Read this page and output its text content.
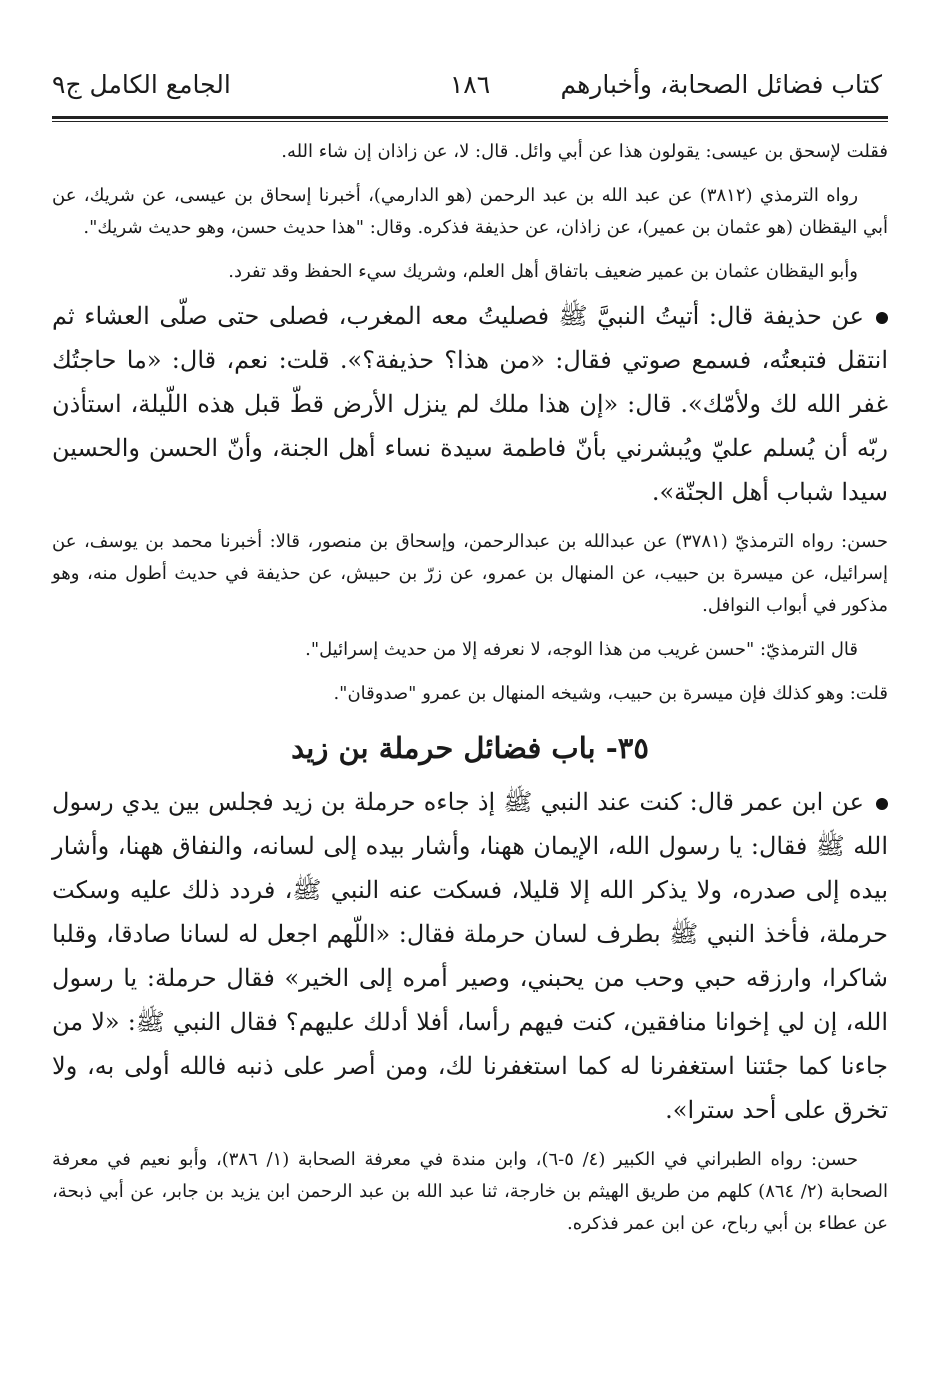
كتاب فضائل الصحابة، وأخبارهم
١٨٦
الجامع الكامل ج٩

فقلت لإسحق بن عيسى: يقولون هذا عن أبي وائل. قال: لا، عن زاذان إن شاء الله.

رواه الترمذي (٣٨١٢) عن عبد الله بن عبد الرحمن (هو الدارمي)، أخبرنا إسحاق بن عيسى، عن شريك، عن أبي اليقظان (هو عثمان بن عمير)، عن زاذان، عن حذيفة فذكره. وقال: "هذا حديث حسن، وهو حديث شريك".

وأبو اليقظان عثمان بن عمير ضعيف باتفاق أهل العلم، وشريك سيء الحفظ وقد تفرد.

عن حذيفة قال: أتيتُ النبيَّ ﷺ فصليتُ معه المغرب، فصلى حتى صلّى العشاء ثم انتقل فتبعتُه، فسمع صوتي فقال: «من هذا؟ حذيفة؟». قلت: نعم، قال: «ما حاجتُك غفر الله لك ولأمّك». قال: «إن هذا ملك لم ينزل الأرض قطّ قبل هذه اللّيلة، استأذن ربّه أن يُسلم عليّ ويُبشرني بأنّ فاطمة سيدة نساء أهل الجنة، وأنّ الحسن والحسين سيدا شباب أهل الجنّة».

حسن: رواه الترمذيّ (٣٧٨١) عن عبدالله بن عبدالرحمن، وإسحاق بن منصور، قالا: أخبرنا محمد بن يوسف، عن إسرائيل، عن ميسرة بن حبيب، عن المنهال بن عمرو، عن زرّ بن حبيش، عن حذيفة في حديث أطول منه، وهو مذكور في أبواب النوافل.

قال الترمذيّ: "حسن غريب من هذا الوجه، لا نعرفه إلا من حديث إسرائيل".

قلت: وهو كذلك فإن ميسرة بن حبيب، وشيخه المنهال بن عمرو "صدوقان".

٣٥- باب فضائل حرملة بن زيد

عن ابن عمر قال: كنت عند النبي ﷺ إذ جاءه حرملة بن زيد فجلس بين يدي رسول الله ﷺ فقال: يا رسول الله، الإيمان ههنا، وأشار بيده إلى لسانه، والنفاق ههنا، وأشار بيده إلى صدره، ولا يذكر الله إلا قليلا، فسكت عنه النبي ﷺ، فردد ذلك عليه وسكت حرملة، فأخذ النبي ﷺ بطرف لسان حرملة فقال: «اللّهم اجعل له لسانا صادقا، وقلبا شاكرا، وارزقه حبي وحب من يحبني، وصير أمره إلى الخير» فقال حرملة: يا رسول الله، إن لي إخوانا منافقين، كنت فيهم رأسا، أفلا أدلك عليهم؟ فقال النبي ﷺ: «لا من جاءنا كما جئتنا استغفرنا له كما استغفرنا لك، ومن أصر على ذنبه فالله أولى به، ولا تخرق على أحد سترا».

حسن: رواه الطبراني في الكبير (٤/ ٥-٦)، وابن مندة في معرفة الصحابة (١/ ٣٨٦)، وأبو نعيم في معرفة الصحابة (٢/ ٨٦٤) كلهم من طريق الهيثم بن خارجة، ثنا عبد الله بن عبد الرحمن ابن يزيد بن جابر، عن أبي ذبحة، عن عطاء بن أبي رباح، عن ابن عمر فذكره.
